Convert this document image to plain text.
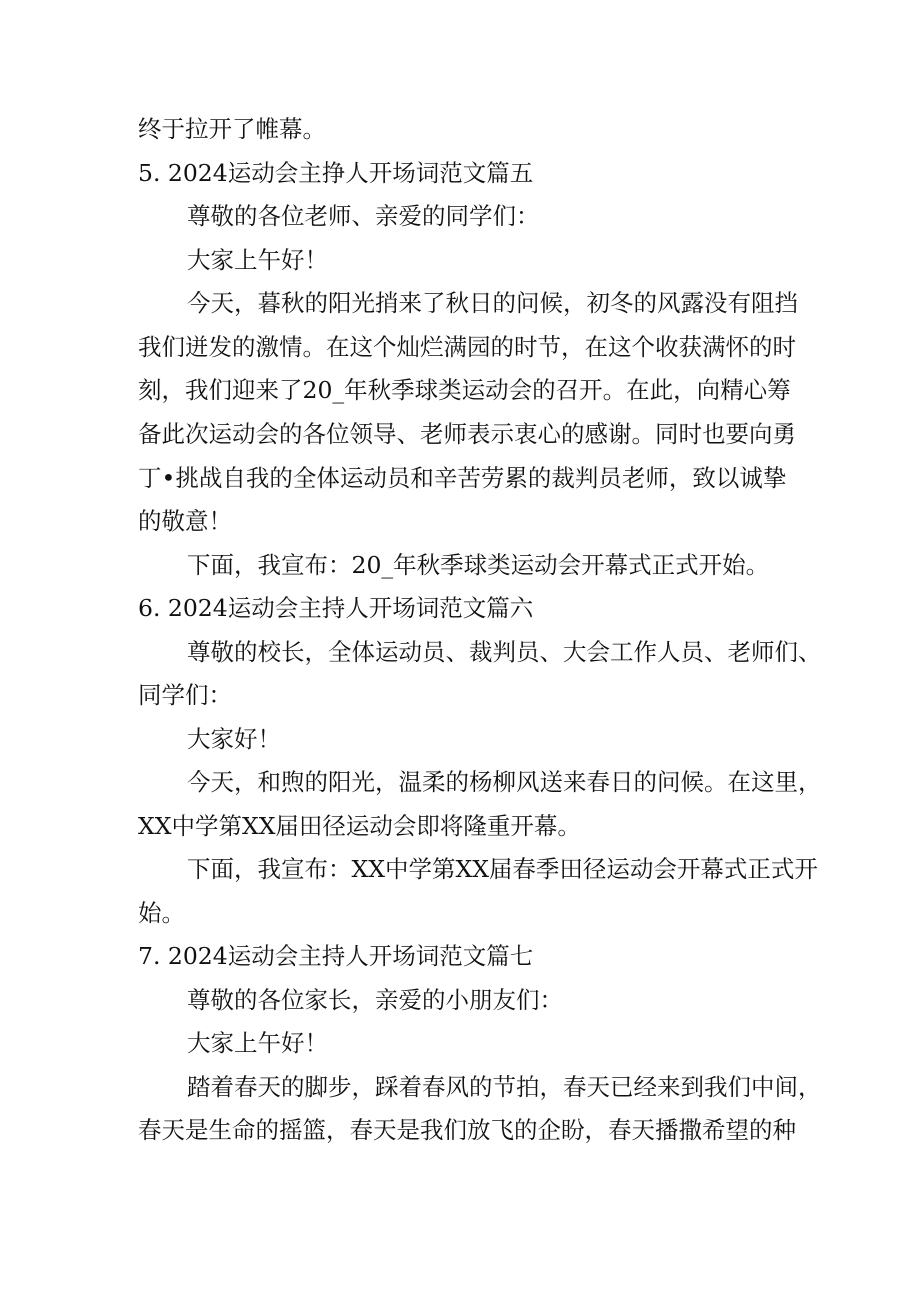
终于拉开了帷幕。
5. 2024运动会主挣人开场词范文篇五
尊敬的各位老师、亲爱的同学们：
大家上午好！
今天，暮秋的阳光捎来了秋日的问候，初冬的风露没有阻挡
我们迸发的激情。在这个灿烂满园的时节，在这个收获满怀的时
刻，我们迎来了20_年秋季球类运动会的召开。在此，向精心筹
备此次运动会的各位领导、老师表示衷心的感谢。同时也要向勇
丁•挑战自我的全体运动员和辛苦劳累的裁判员老师，致以诚挚
的敬意！
下面，我宣布：20_年秋季球类运动会开幕式正式开始。
6. 2024运动会主持人开场词范文篇六
尊敬的校长，全体运动员、裁判员、大会工作人员、老师们、
同学们：
大家好！
今天，和煦的阳光，温柔的杨柳风送来春日的问候。在这里，
XX中学第XX届田径运动会即将隆重开幕。
下面，我宣布：XX中学第XX届春季田径运动会开幕式正式开
始。
7. 2024运动会主持人开场词范文篇七
尊敬的各位家长，亲爱的小朋友们：
大家上午好！
踏着春天的脚步，踩着春风的节拍，春天已经来到我们中间，
春天是生命的摇篮，春天是我们放飞的企盼，春天播撒希望的种
